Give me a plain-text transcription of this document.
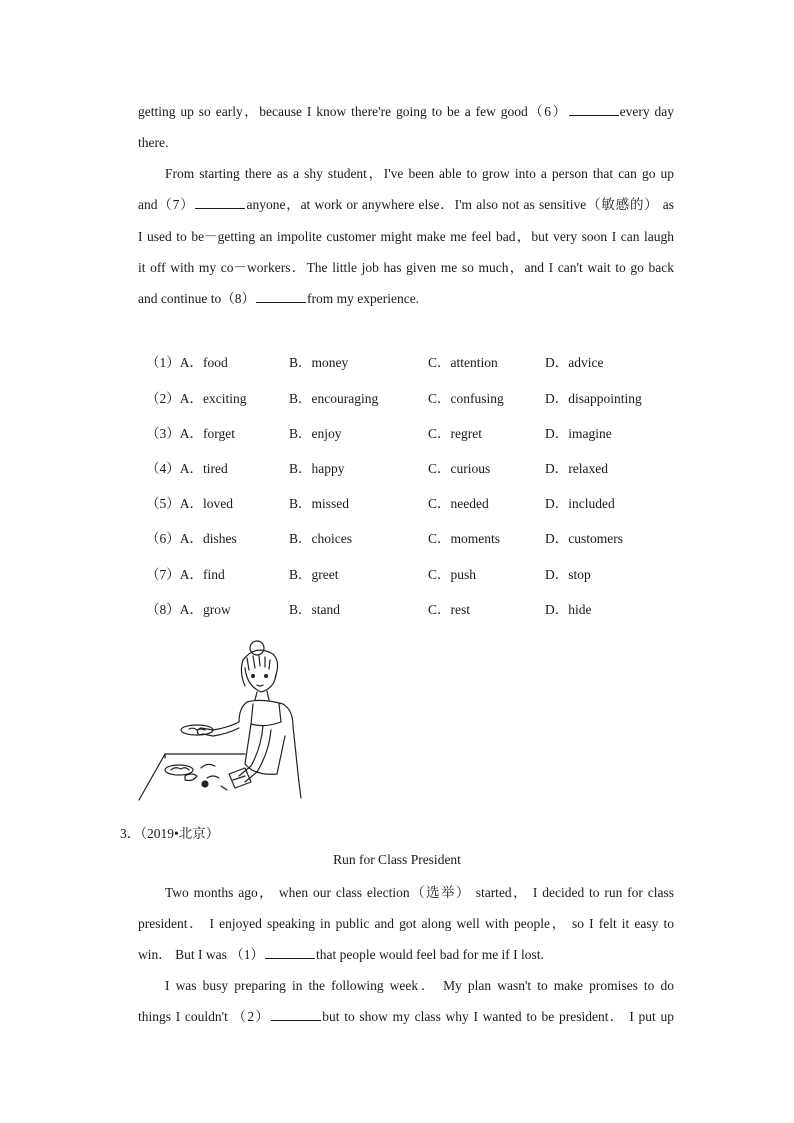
getting up so early，because I know there're going to be a few good（6）	every day
there.
From starting there as a shy student，I've been able to grow into a person that can go up
and（7）	anyone，at work or anywhere else．I'm also not as sensitive（敏感的） as
I used to be－getting an impolite customer might make me feel bad，but very soon I can laugh
it off with my co－workers．The little job has given me so much，and I can't wait to go back
and continue to（8）	from my experience.
（1）A．food	B．money	C．attention	D．advice
（2）A．exciting	B．encouraging	C．confusing	D．disappointing
（3）A．forget	B．enjoy	C．regret	D．imagine
（4）A．tired	B．happy	C．curious	D．relaxed
（5）A．loved	B．missed	C．needed	D．included
（6）A．dishes	B．choices	C．moments	D．customers
（7）A．find	B．greet	C．push	D．stop
（8）A．grow	B．stand	C．rest	D．hide
3．（2019•北京）
Run for Class President
Two months ago， when our class election（选举） started， I decided to run for class
president． I enjoyed speaking in public and got along well with people， so I felt it easy to
win． But I was （1）	that people would feel bad for me if I lost.
I was busy preparing in the following week． My plan wasn't to make promises to do
things I couldn't （2）	but to show my class why I wanted to be president． I put up
